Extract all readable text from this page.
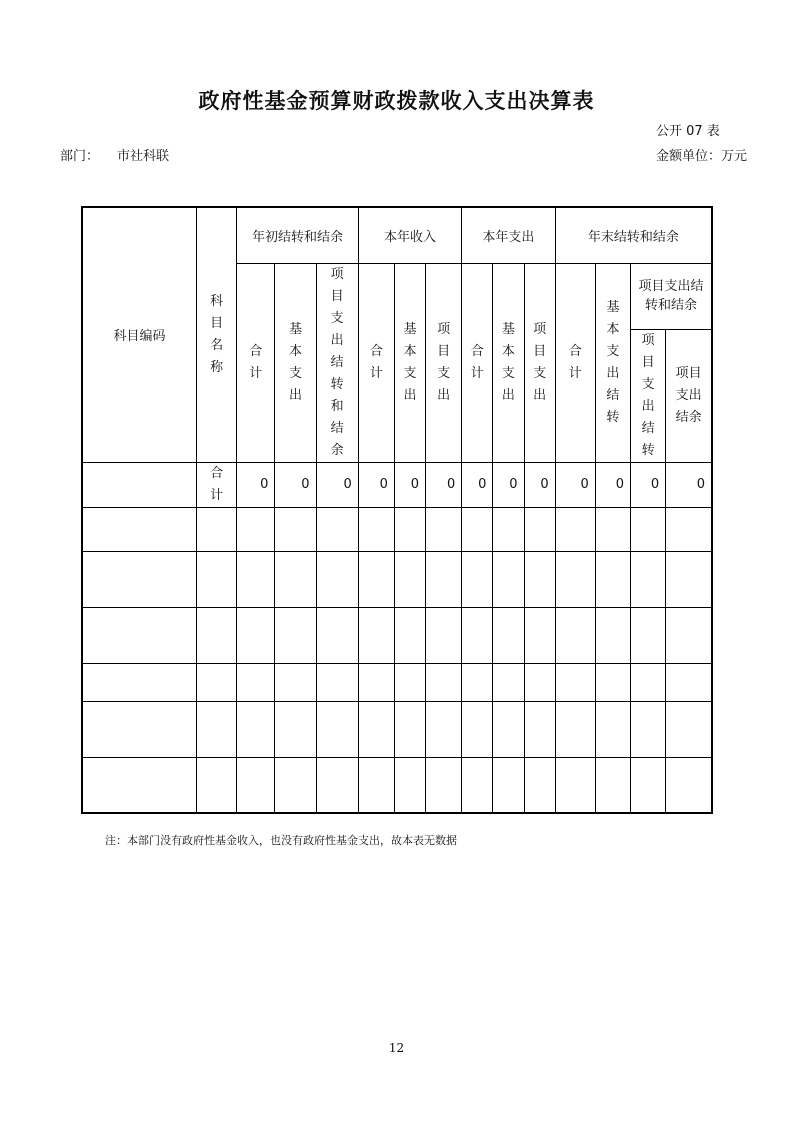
政府性基金预算财政拨款收入支出决算表
公开 07 表
部门： 市社科联	金额单位：万元
科目编码	科目名称	年初结转和结余			本年收入			本年支出			年末结转和结余			
		合计	基本支出	项目支出结转和结余	合计	基本支出	项目支出	合计	基本支出	项目支出	合计	基本支出结转	项目支出结转和结余	
													项目支出结转	项目支出结余
	合计	0	0	0	0	0	0	0	0	0	0	0	0	0

注：本部门没有政府性基金收入，也没有政府性基金支出，故本表无数据
12
